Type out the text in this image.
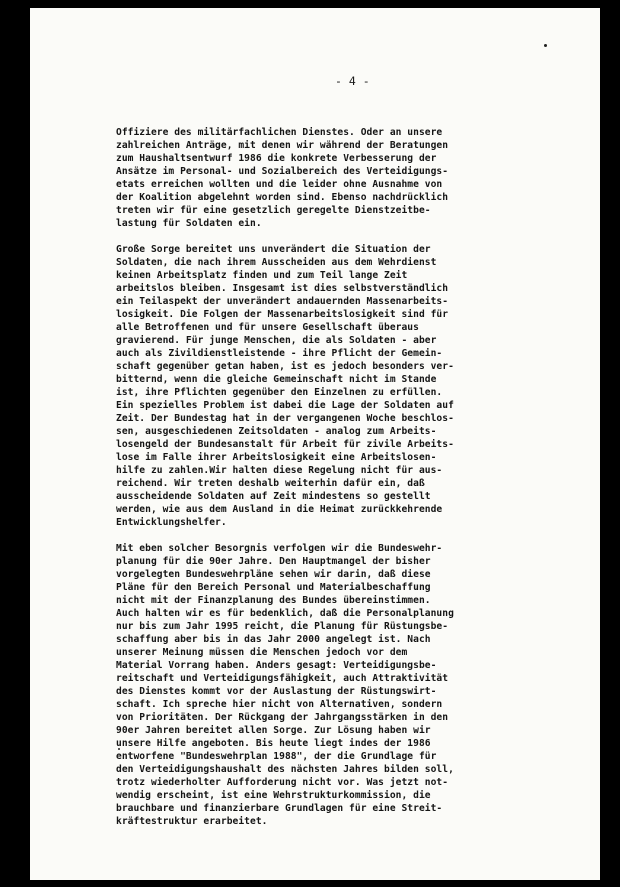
- 4 -
Offiziere des militärfachlichen Dienstes. Oder an unsere
zahlreichen Anträge, mit denen wir während der Beratungen
zum Haushaltsentwurf 1986 die konkrete Verbesserung der
Ansätze im Personal- und Sozialbereich des Verteidigungs-
etats erreichen wollten und die leider ohne Ausnahme von
der Koalition abgelehnt worden sind. Ebenso nachdrücklich
treten wir für eine gesetzlich geregelte Dienstzeitbe-
lastung für Soldaten ein.
Große Sorge bereitet uns unverändert die Situation der
Soldaten, die nach ihrem Ausscheiden aus dem Wehrdienst
keinen Arbeitsplatz finden und zum Teil lange Zeit
arbeitslos bleiben. Insgesamt ist dies selbstverständlich
ein Teilaspekt der unverändert andauernden Massenarbeits-
losigkeit. Die Folgen der Massenarbeitslosigkeit sind für
alle Betroffenen und für unsere Gesellschaft überaus
gravierend. Für junge Menschen, die als Soldaten - aber
auch als Zivildienstleistende - ihre Pflicht der Gemein-
schaft gegenüber getan haben, ist es jedoch besonders ver-
bitternd, wenn die gleiche Gemeinschaft nicht im Stande
ist, ihre Pflichten gegenüber den Einzelnen zu erfüllen.
Ein spezielles Problem ist dabei die Lage der Soldaten auf
Zeit. Der Bundestag hat in der vergangenen Woche beschlos-
sen, ausgeschiedenen Zeitsoldaten - analog zum Arbeits-
losengeld der Bundesanstalt für Arbeit für zivile Arbeits-
lose im Falle ihrer Arbeitslosigkeit eine Arbeitslosen-
hilfe zu zahlen.Wir halten diese Regelung nicht für aus-
reichend. Wir treten deshalb weiterhin dafür ein, daß
ausscheidende Soldaten auf Zeit mindestens so gestellt
werden, wie aus dem Ausland in die Heimat zurückkehrende
Entwicklungshelfer.
Mit eben solcher Besorgnis verfolgen wir die Bundeswehr-
planung für die 90er Jahre. Den Hauptmangel der bisher
vorgelegten Bundeswehrpläne sehen wir darin, daß diese
Pläne für den Bereich Personal und Materialbeschaffung
nicht mit der Finanzplanung des Bundes übereinstimmen.
Auch halten wir es für bedenklich, daß die Personalplanung
nur bis zum Jahr 1995 reicht, die Planung für Rüstungsbe-
schaffung aber bis in das Jahr 2000 angelegt ist. Nach
unserer Meinung müssen die Menschen jedoch vor dem
Material Vorrang haben. Anders gesagt: Verteidigungsbe-
reitschaft und Verteidigungsfähigkeit, auch Attraktivität
des Dienstes kommt vor der Auslastung der Rüstungswirt-
schaft. Ich spreche hier nicht von Alternativen, sondern
von Prioritäten. Der Rückgang der Jahrgangsstärken in den
90er Jahren bereitet allen Sorge. Zur Lösung haben wir
unsere Hilfe angeboten. Bis heute liegt indes der 1986
entworfene "Bundeswehrplan 1988", der die Grundlage für
den Verteidigungshaushalt des nächsten Jahres bilden soll,
trotz wiederholter Aufforderung nicht vor. Was jetzt not-
wendig erscheint, ist eine Wehrstrukturkommission, die
brauchbare und finanzierbare Grundlagen für eine Streit-
kräftestruktur erarbeitet.
